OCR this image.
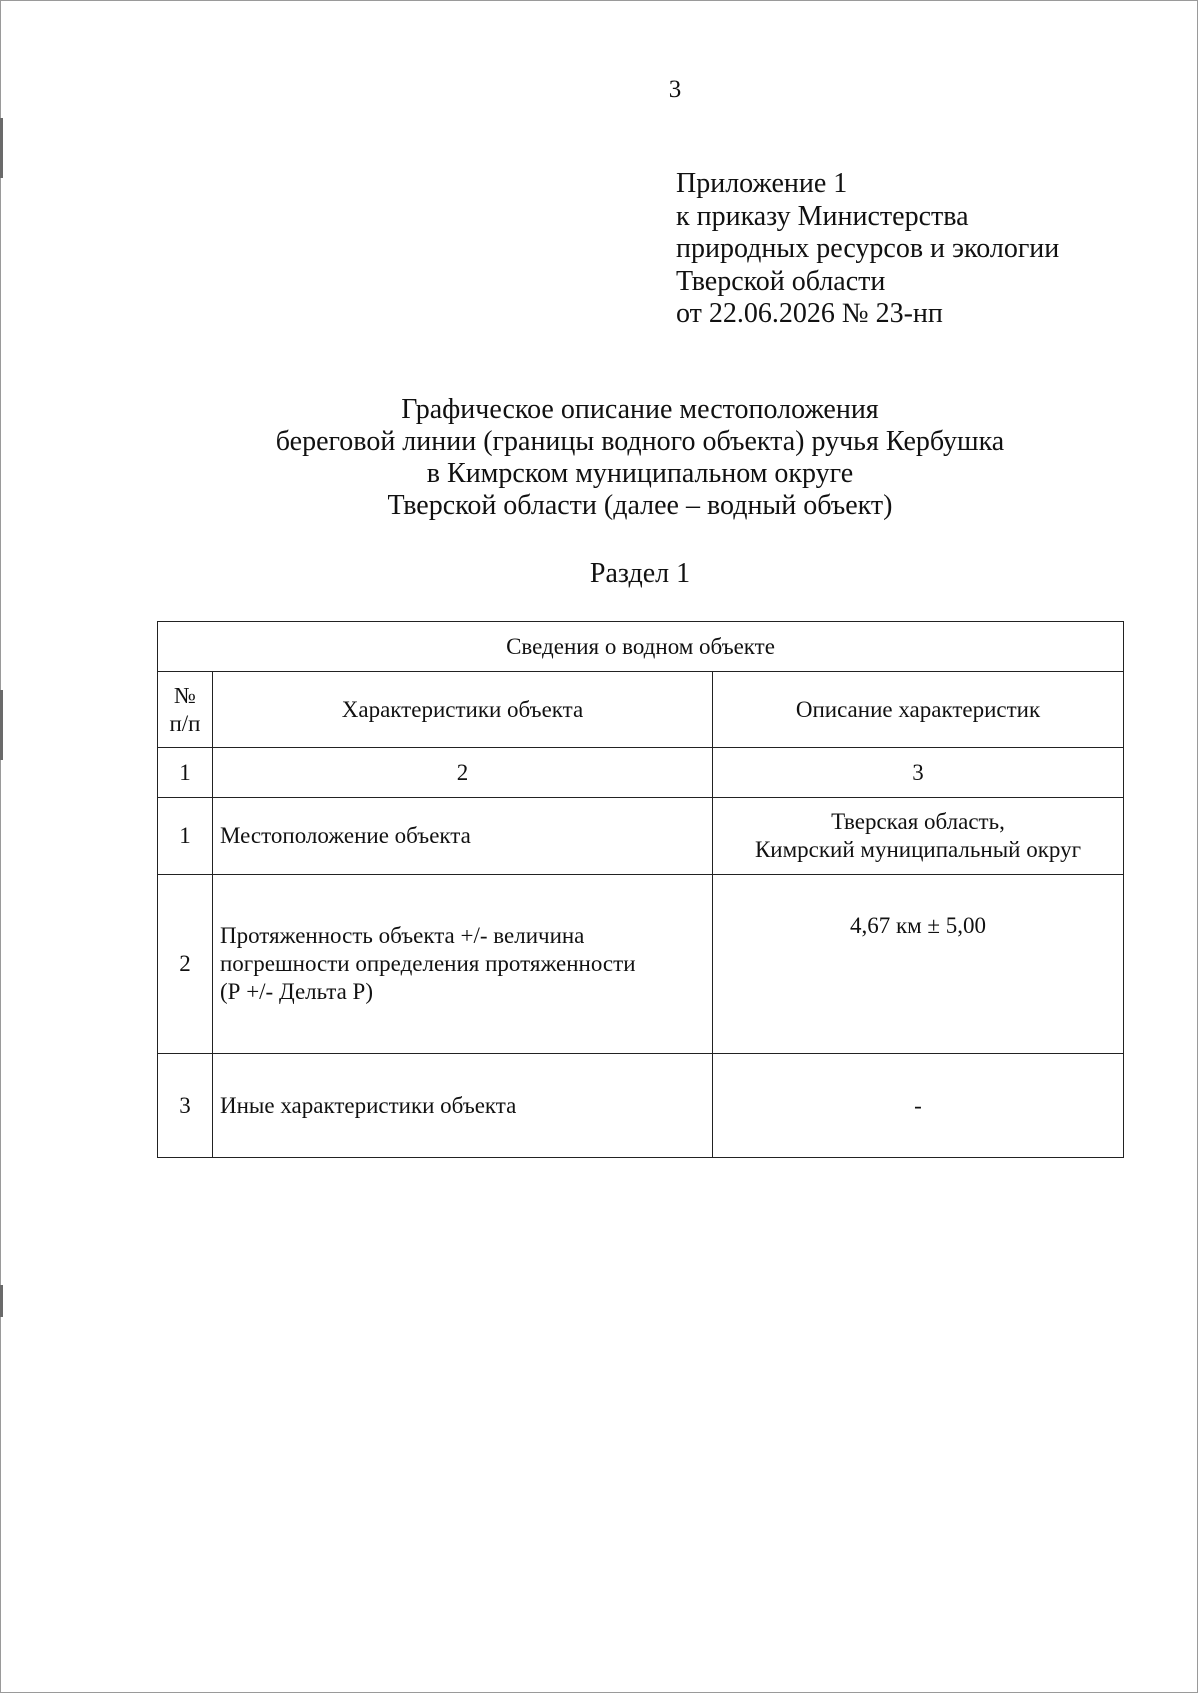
3
Приложение 1
к приказу Министерства
природных ресурсов и экологии
Тверской области
от 22.06.2026 № 23-нп
Графическое описание местоположения
береговой линии (границы водного объекта) ручья Кербушка
в Кимрском муниципальном округе
Тверской области (далее – водный объект)
Раздел 1
Сведения о водном объекте		

№
п/п	Характеристики объекта	Описание характеристик
1	2	3
1	Местоположение объекта	Тверская область,
Кимрский муниципальный округ

2	Протяженность объекта +/- величина
погрешности определения протяженности
(Р +/- Дельта Р)	4,67 км ± 5,00
3	Иные характеристики объекта	-
